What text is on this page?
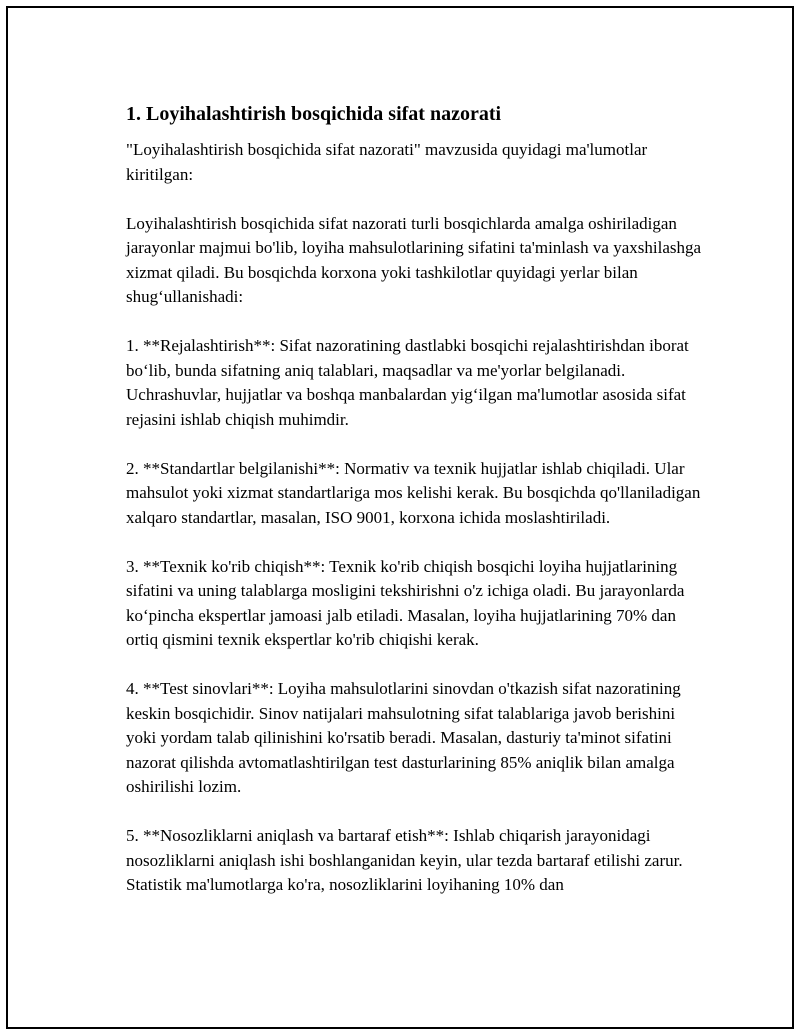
1. Loyihalashtirish bosqichida sifat nazorati

"Loyihalashtirish bosqichida sifat nazorati" mavzusida quyidagi ma'lumotlar kiritilgan:

Loyihalashtirish bosqichida sifat nazorati turli bosqichlarda amalga oshiriladigan jarayonlar majmui bo'lib, loyiha mahsulotlarining sifatini ta'minlash va yaxshilashga xizmat qiladi. Bu bosqichda korxona yoki tashkilotlar quyidagi yerlar bilan shug‘ullanishadi:

1. **Rejalashtirish**: Sifat nazoratining dastlabki bosqichi rejalashtirishdan iborat bo‘lib, bunda sifatning aniq talablari, maqsadlar va me'yorlar belgilanadi. Uchrashuvlar, hujjatlar va boshqa manbalardan yig‘ilgan ma'lumotlar asosida sifat rejasini ishlab chiqish muhimdir.

2. **Standartlar belgilanishi**: Normativ va texnik hujjatlar ishlab chiqiladi. Ular mahsulot yoki xizmat standartlariga mos kelishi kerak. Bu bosqichda qo'llaniladigan xalqaro standartlar, masalan, ISO 9001, korxona ichida moslashtiriladi.

3. **Texnik ko'rib chiqish**: Texnik ko'rib chiqish bosqichi loyiha hujjatlarining sifatini va uning talablarga mosligini tekshirishni o'z ichiga oladi. Bu jarayonlarda ko‘pincha ekspertlar jamoasi jalb etiladi. Masalan, loyiha hujjatlarining 70% dan ortiq qismini texnik ekspertlar ko'rib chiqishi kerak.

4. **Test sinovlari**: Loyiha mahsulotlarini sinovdan o'tkazish sifat nazoratining keskin bosqichidir. Sinov natijalari mahsulotning sifat talablariga javob berishini yoki yordam talab qilinishini ko'rsatib beradi. Masalan, dasturiy ta'minot sifatini nazorat qilishda avtomatlashtirilgan test dasturlarining 85% aniqlik bilan amalga oshirilishi lozim.

5. **Nosozliklarni aniqlash va bartaraf etish**: Ishlab chiqarish jarayonidagi nosozliklarni aniqlash ishi boshlanganidan keyin, ular tezda bartaraf etilishi zarur. Statistik ma'lumotlarga ko'ra, nosozliklarini loyihaning 10% dan
